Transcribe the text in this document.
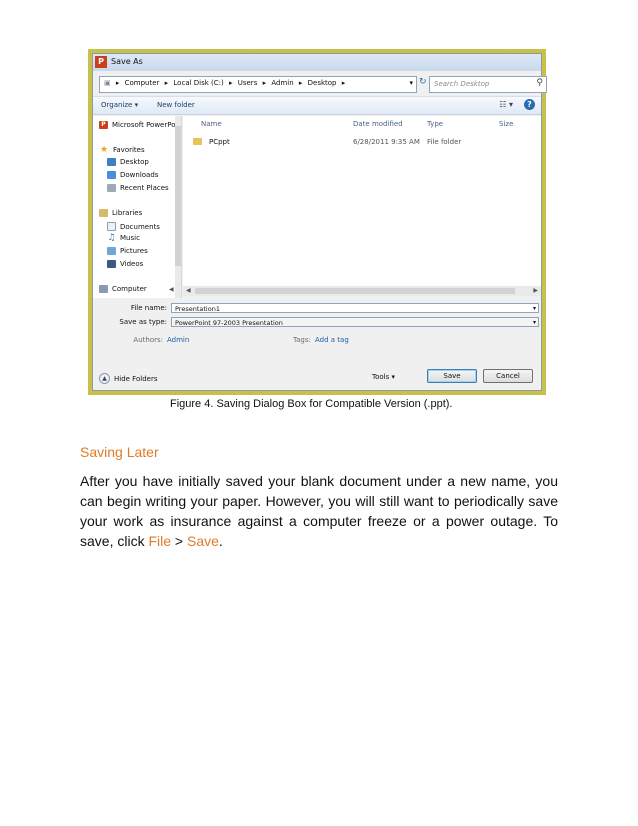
P Save As
▣ ▸ Computer ▸ Local Disk (C:) ▸ Users ▸ Admin ▸ Desktop ▸	▾ ↻ Search Desktop	⚲
Organize ▾	New folder	☷ ▾	?
P Microsoft PowerPo
★ Favorites
Desktop
Downloads
Recent Places
Libraries
Documents
♫ Music
Pictures
Videos
Computer
Name	Date modified	Type	Size
PCppt	6/28/2011 9:35 AM File folder
◀ ◀	▶
File name: Presentation1	▾
Save as type: PowerPoint 97-2003 Presentation	▾
Authors: Admin	Tags: Add a tag
▲	Hide Folders	Tools ▾	Save	Cancel
Figure 4. Saving Dialog Box for Compatible Version (.ppt).
Saving Later

After you have initially saved your blank document under a new name, you can begin writing your paper. However, you will still want to periodically save your work as insurance against a computer freeze or a power outage. To save, click File > Save.
